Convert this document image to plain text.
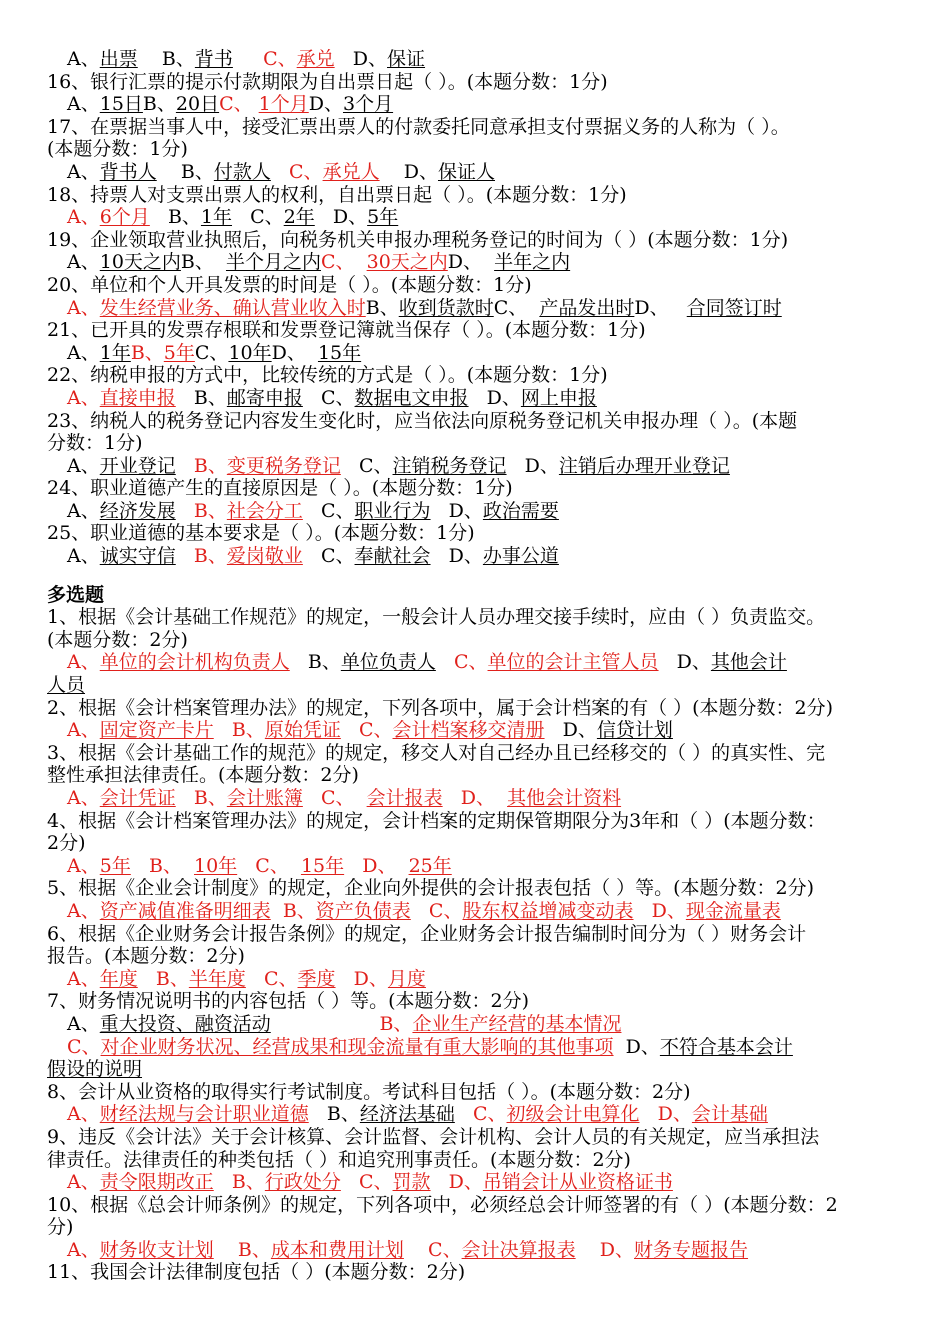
A、出票    B、背书 C、承兑   D、保证
16、银行汇票的提示付款期限为自出票日起（ ）。(本题分数：1分)
A、15日B、20日C、 1个月D、3个月
17、在票据当事人中，接受汇票出票人的付款委托同意承担支付票据义务的人称为（ ）。
(本题分数：1分)
A、背书人    B、付款人 C、承兑人    D、保证人
18、持票人对支票出票人的权利，自出票日起（ ）。(本题分数：1分)
A、6个月   B、1年   C、2年   D、5年
19、企业领取营业执照后，向税务机关申报办理税务登记的时间为（ ）(本题分数：1分)
A、10天之内B、  半个月之内C、  30天之内D、  半年之内
20、单位和个人开具发票的时间是（ ）。(本题分数：1分)
A、发生经营业务、确认营业收入时B、收到货款时C、  产品发出时D、   合同签订时
21、已开具的发票存根联和发票登记簿就当保存（ ）。(本题分数：1分)
A、1年B、5年C、10年D、  15年
22、纳税申报的方式中，比较传统的方式是（ ）。(本题分数：1分)
A、直接申报   B、邮寄申报   C、数据电文申报   D、网上申报
23、纳税人的税务登记内容发生变化时，应当依法向原税务登记机关申报办理（ ）。(本题
分数：1分)
A、开业登记 B、变更税务登记   C、注销税务登记   D、注销后办理开业登记
24、职业道德产生的直接原因是（ ）。(本题分数：1分)
A、经济发展 B、社会分工   C、职业行为   D、政治需要
25、职业道德的基本要求是（ ）。(本题分数：1分)
A、诚实守信 B、爱岗敬业   C、奉献社会   D、办事公道
多选题
1、根据《会计基础工作规范》的规定，一般会计人员办理交接手续时，应由（ ）负责监交。
(本题分数：2分)
A、单位的会计机构负责人   B、单位负责人 C、单位的会计主管人员   D、其他会计
人员
2、根据《会计档案管理办法》的规定，下列各项中，属于会计档案的有（ ）(本题分数：2分)
A、固定资产卡片   B、原始凭证   C、会计档案移交清册   D、信贷计划
3、根据《会计基础工作的规范》的规定，移交人对自己经办且已经移交的（ ）的真实性、完
整性承担法律责任。(本题分数：2分)
A、会计凭证   B、会计账簿   C、  会计报表   D、  其他会计资料
4、根据《会计档案管理办法》的规定，会计档案的定期保管期限分为3年和（ ）(本题分数：
2分)
A、5年   B、  10年   C、  15年   D、  25年
5、根据《企业会计制度》的规定，企业向外提供的会计报表包括（ ）等。(本题分数：2分)
A、资产减值准备明细表  B、资产负债表   C、股东权益增减变动表   D、现金流量表
6、根据《企业财务会计报告条例》的规定，企业财务会计报告编制时间分为（ ）财务会计
报告。(本题分数：2分)
A、年度   B、半年度   C、季度   D、月度
7、财务情况说明书的内容包括（ ）等。(本题分数：2分)
A、重大投资、融资活动	B、企业生产经营的基本情况
C、对企业财务状况、经营成果和现金流量有重大影响的其他事项  D、不符合基本会计
假设的说明
8、会计从业资格的取得实行考试制度。考试科目包括（ ）。(本题分数：2分)
A、财经法规与会计职业道德   B、经济法基础 C、初级会计电算化   D、会计基础
9、违反《会计法》关于会计核算、会计监督、会计机构、会计人员的有关规定，应当承担法
律责任。法律责任的种类包括（ ）和追究刑事责任。(本题分数：2分)
A、责令限期改正   B、行政处分   C、罚款   D、吊销会计从业资格证书
10、根据《总会计师条例》的规定，下列各项中，必须经总会计师签署的有（ ）(本题分数：2
分)
A、财务收支计划    B、成本和费用计划    C、会计决算报表    D、财务专题报告
11、我国会计法律制度包括（ ）(本题分数：2分)
